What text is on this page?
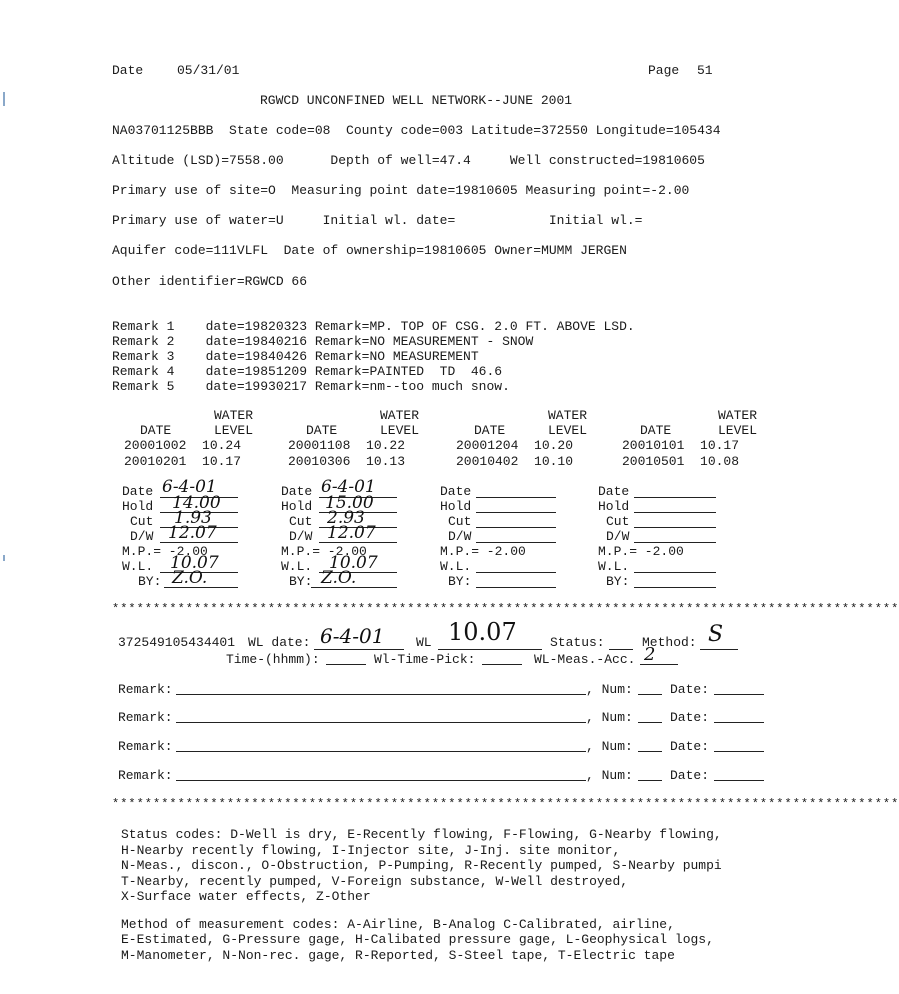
Date	05/31/01	Page 51
RGWCD UNCONFINED WELL NETWORK--JUNE 2001
NA03701125BBB  State code=08  County code=003 Latitude=372550 Longitude=105434
Altitude (LSD)=7558.00      Depth of well=47.4     Well constructed=19810605
Primary use of site=O  Measuring point date=19810605 Measuring point=-2.00
Primary use of water=U     Initial wl. date=            Initial wl.=
Aquifer code=111VLFL  Date of ownership=19810605 Owner=MUMM JERGEN
Other identifier=RGWCD 66
Remark 1    date=19820323 Remark=MP. TOP OF CSG. 2.0 FT. ABOVE LSD.
Remark 2    date=19840216 Remark=NO MEASUREMENT - SNOW
Remark 3    date=19840426 Remark=NO MEASUREMENT
Remark 4    date=19851209 Remark=PAINTED  TD  46.6
Remark 5    date=19930217 Remark=nm--too much snow.
WATER
DATE	LEVEL
20001002  10.24
20010201  10.17
WATER
DATE	LEVEL
20001108  10.22
20010306  10.13
WATER
DATE	LEVEL
20001204  10.20
20010402  10.10
WATER
DATE	LEVEL
20010101  10.17
20010501  10.08
Date 6-4-01
Hold 14.00
Cut 1.93
D/W 12.07
M.P.= -2.00
W.L. 10.07
BY: Z.O.
Date 6-4-01
Hold 15.00
Cut 2.93
D/W 12.07
M.P.= -2.00
W.L. 10.07
BY: Z.O.
Date
Hold
Cut
D/W
M.P.= -2.00
W.L.
BY:
Date
Hold
Cut
D/W
M.P.= -2.00
W.L.
BY:
************************************************************************************************
372549105434401 WL date: 6-4-01 WL 10.07	Status:	Method: S
Time-(hhmm):	Wl-Time-Pick:	WL-Meas.-Acc. 2
Remark:	, Num:	Date:
Remark:	, Num:	Date:
Remark:	, Num:	Date:
Remark:	, Num:	Date:
************************************************************************************************
Status codes: D-Well is dry, E-Recently flowing, F-Flowing, G-Nearby flowing,
H-Nearby recently flowing, I-Injector site, J-Inj. site monitor,
N-Meas., discon., O-Obstruction, P-Pumping, R-Recently pumped, S-Nearby pumpi
T-Nearby, recently pumped, V-Foreign substance, W-Well destroyed,
X-Surface water effects, Z-Other
Method of measurement codes: A-Airline, B-Analog C-Calibrated, airline,
E-Estimated, G-Pressure gage, H-Calibated pressure gage, L-Geophysical logs,
M-Manometer, N-Non-rec. gage, R-Reported, S-Steel tape, T-Electric tape
